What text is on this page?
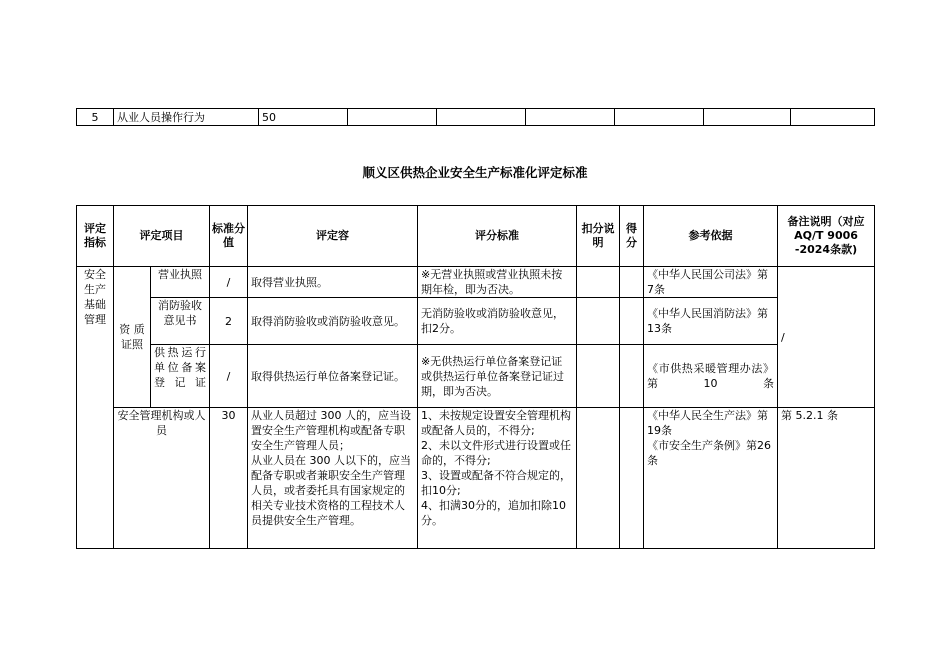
5	从业人员操作行为	50						
顺义区供热企业安全生产标准化评定标准
评定指标	评定项目		标准分值	评定容	评分标准	扣分说明	得分	参考依据	备注说明（对应AQ/T 9006 -2024条款)
安全生产基础管理	资 质证照	营业执照	/	取得营业执照。	※无营业执照或营业执照未按期年检，即为否决。			《中华人民国公司法》第7条	/
		消防验收意见书	2	取得消防验收或消防验收意见。	无消防验收或消防验收意见，扣2分。			《中华人民国消防法》第13条	
		供热运行单位备案登记证	/	取得供热运行单位备案登记证。	※无供热运行单位备案登记证或供热运行单位备案登记证过期，即为否决。			《市供热采暖管理办法》第10条	
	安全管理机构或人员		30	从业人员超过 300 人的，应当设置安全生产管理机构或配备专职安全生产管理人员；
从业人员在 300 人以下的，应当配备专职或者兼职安全生产管理人员，或者委托具有国家规定的相关专业技术资格的工程技术人员提供安全生产管理。	1、未按规定设置安全管理机构或配备人员的，不得分;
2、未以文件形式进行设置或任命的，不得分;
3、设置或配备不符合规定的，扣10分;
4、扣满30分的，追加扣除10分。			《中华人民全生产法》第19条
《市安全生产条例》第26条	第 5.2.1 条
